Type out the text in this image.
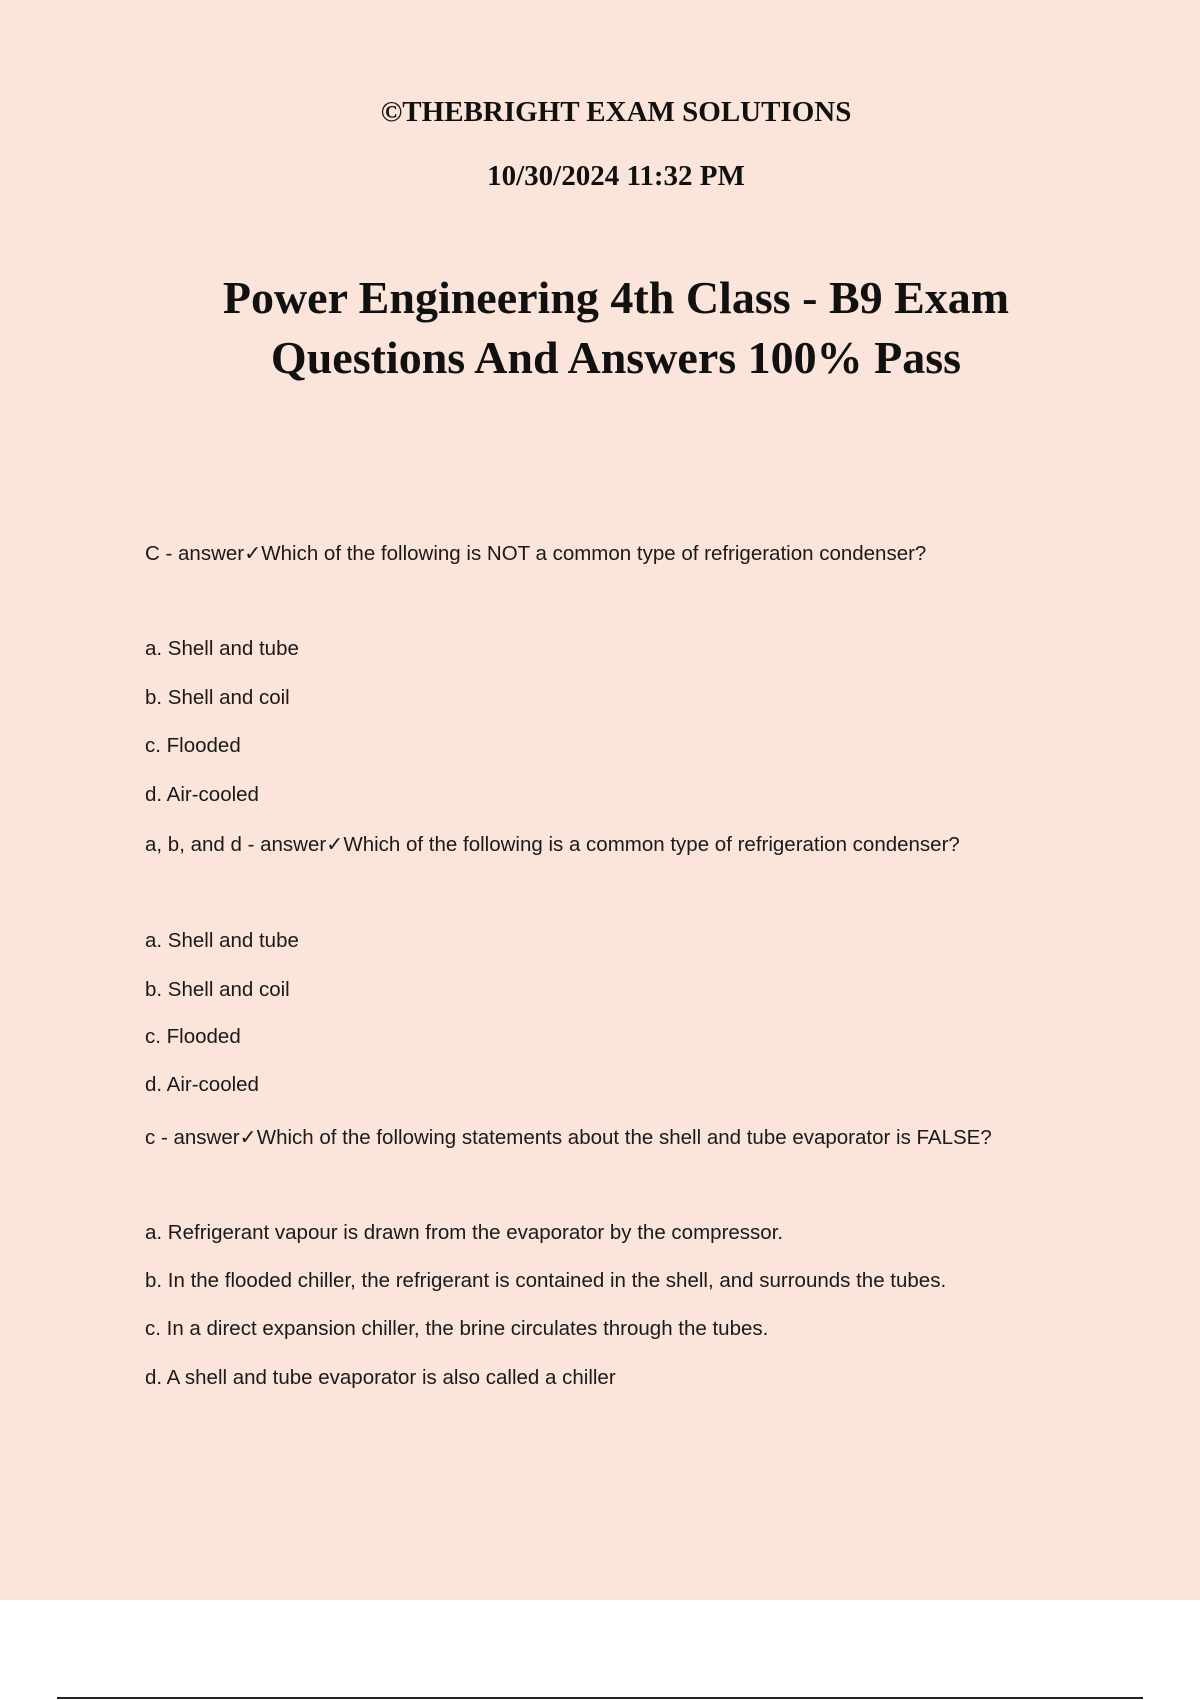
©THEBRIGHT EXAM SOLUTIONS
10/30/2024 11:32 PM
Power Engineering 4th Class - B9 Exam
Questions And Answers 100% Pass
C - answer✓Which of the following is NOT a common type of refrigeration condenser?
a. Shell and tube
b. Shell and coil
c. Flooded
d. Air-cooled
a, b, and d - answer✓Which of the following is a common type of refrigeration condenser?
a. Shell and tube
b. Shell and coil
c. Flooded
d. Air-cooled
c - answer✓Which of the following statements about the shell and tube evaporator is FALSE?
a. Refrigerant vapour is drawn from the evaporator by the compressor.
b. In the flooded chiller, the refrigerant is contained in the shell, and surrounds the tubes.
c. In a direct expansion chiller, the brine circulates through the tubes.
d. A shell and tube evaporator is also called a chiller
